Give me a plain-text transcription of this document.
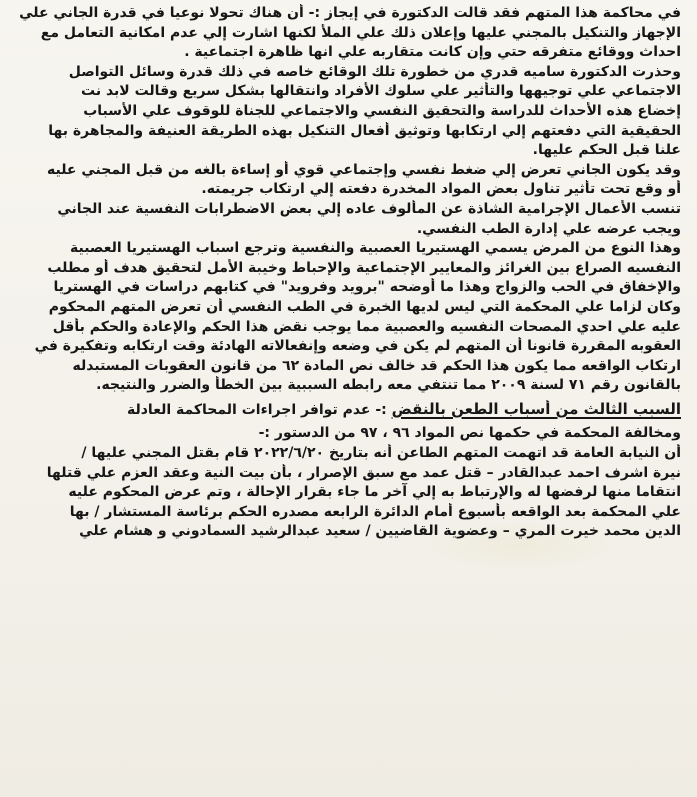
في محاكمة هذا المتهم فقد قالت الدكتورة في إيجاز :- أن هناك تحولا نوعيا في قدرة الجاني علي
الإجهاز والتنكيل بالمجني عليها وإعلان ذلك علي الملأ لكنها اشارت إلي عدم امكانية التعامل مع
احداث ووقائع متفرقه حتي وإن كانت متقاربه علي انها ظاهرة اجتماعية .
وحذرت الدكتورة ساميه قدري من خطورة تلك الوقائع خاصه في ذلك قدرة وسائل التواصل
الاجتماعي علي توجيهها والتأثير علي سلوك الأفراد وانتقالها بشكل سريع وقالت لابد نت
إخضاع هذه الأحداث للدراسة والتحقيق النفسي والاجتماعي للجناة للوقوف علي الأسباب
الحقيقية التي دفعتهم إلي ارتكابها وتوثيق أفعال التنكيل بهذه الطريقة العنيفة والمجاهرة بها
علنا قبل الحكم عليها.
وقد يكون الجاني تعرض إلي ضغط نفسي وإجتماعي قوي أو إساءة بالغه من قبل المجني عليه
أو وقع تحت تأثير تناول بعض المواد المخدرة دفعته إلي ارتكاب جريمته.
تنسب الأعمال الإجرامية الشاذة عن المألوف عاده إلي بعض الاضطرابات النفسية عند الجاني
ويجب عرضه علي إدارة الطب النفسي.
وهذا النوع من المرض يسمي الهستيريا العصبية والنفسية وترجع اسباب الهستيريا العصبية
النفسيه الصراع بين الغرائز والمعايير الإجتماعية والإحباط وخيبة الأمل لتحقيق هدف أو مطلب
والإخفاق في الحب والزواج وهذا ما أوضحه "برويد وفرويد" في كتابهم دراسات في الهستريا
وكان لزاما علي المحكمة التي ليس لديها الخبرة في الطب النفسي أن تعرض المتهم المحكوم
عليه علي احدي المصحات النفسيه والعصبية مما يوجب نقض هذا الحكم والإعادة والحكم بأقل
العقوبه المقررة قانونا أن المتهم لم يكن في وضعه وإنفعالاته الهادئة وقت ارتكابه وتفكيرة في
ارتكاب الواقعه مما يكون هذا الحكم قد خالف نص المادة ٦٢ من قانون العقوبات المستبدله
بالقانون رقم ٧١ لسنة ٢٠٠٩ مما تنتفي معه رابطه السببية بين الخطأ والضرر والنتيجه.
السبب الثالث من أسباب الطعن بالنقض :- عدم توافر اجراءات المحاكمة العادلة
ومخالفة المحكمة في حكمها نص المواد ٩٦ ، ٩٧ من الدستور :-
أن النيابة العامة قد اتهمت المتهم الطاعن أنه بتاريخ ٢٠٢٢/٦/٢٠ قام بقتل المجني عليها /
نيرة اشرف احمد عبدالقادر – قتل عمد مع سبق الإصرار ، بأن بيت النية وعقد العزم علي قتلها
انتقاما منها لرفضها له والإرتباط به إلي آخر ما جاء بقرار الإحالة ، وتم عرض المحكوم عليه
علي المحكمة بعد الواقعه بأسبوع أمام الدائرة الرابعه مصدره الحكم برئاسة المستشار / بها
الدين محمد خيرت المري – وعضوية القاضيين / سعيد عبدالرشيد السمادوني و هشام علي
